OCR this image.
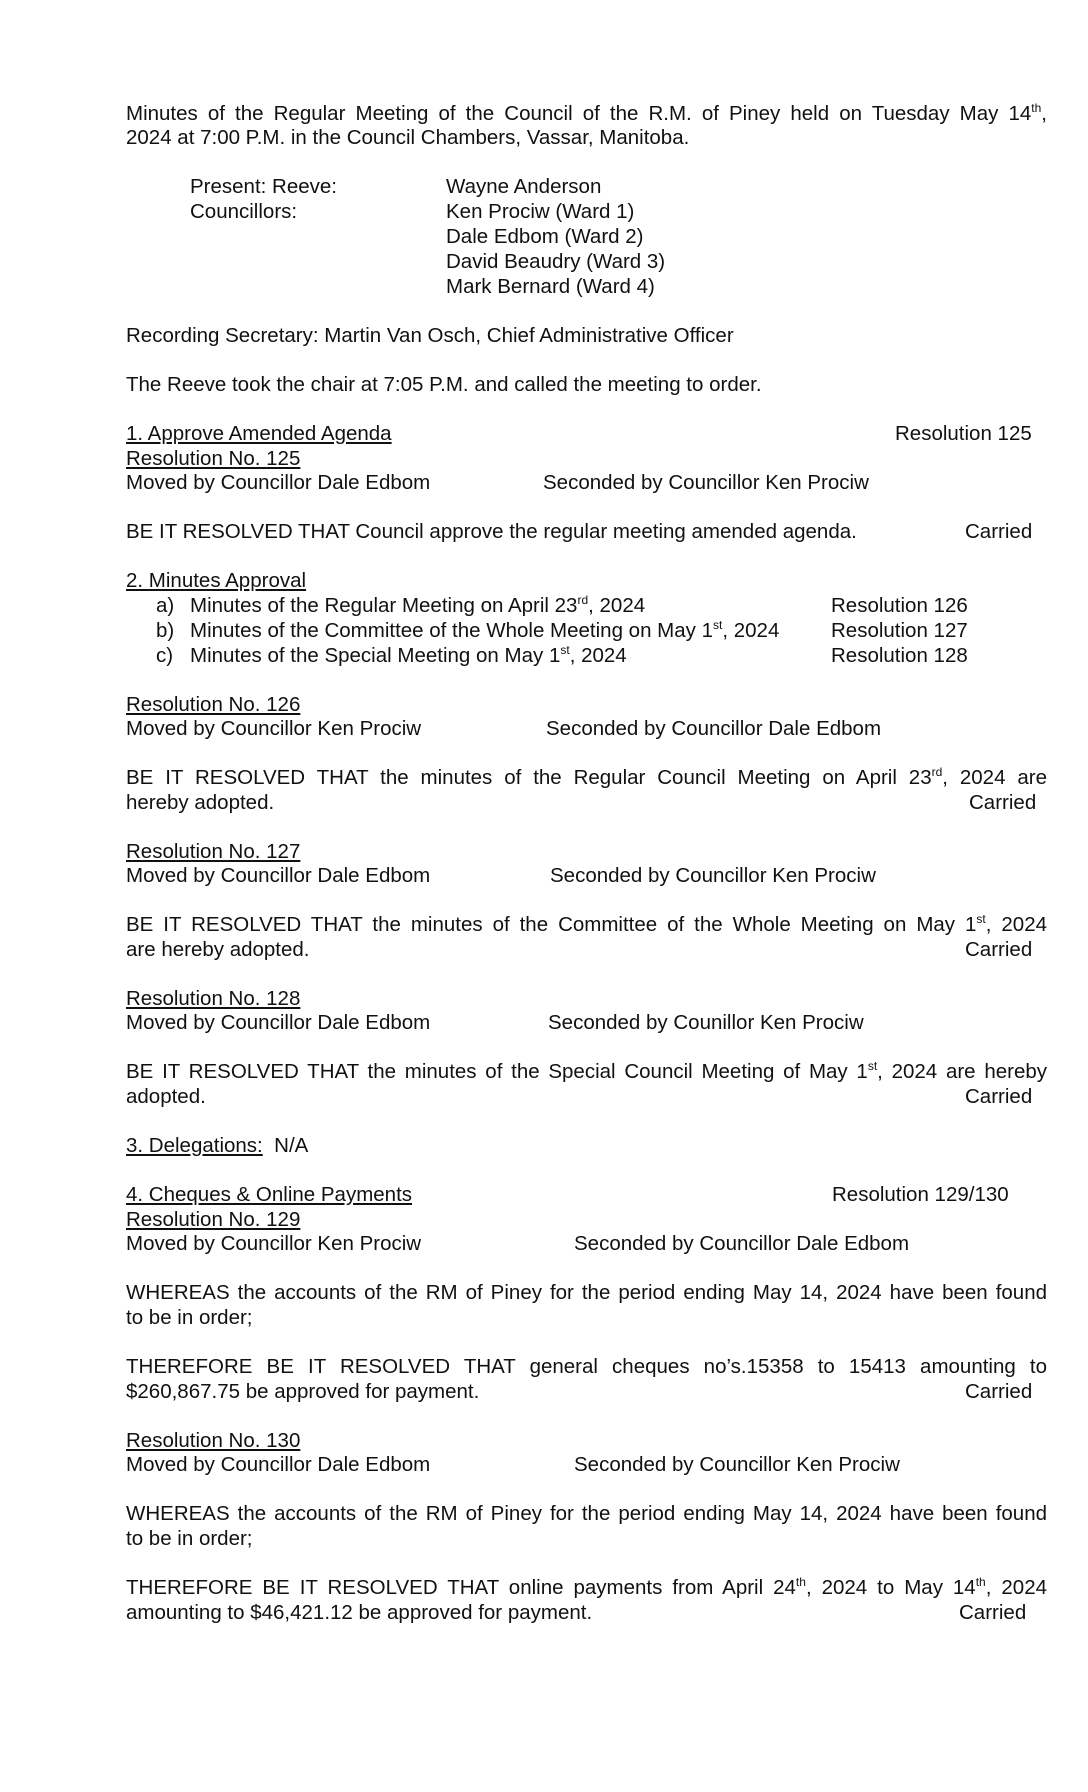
Minutes of the Regular Meeting of the Council of the R.M. of Piney held on Tuesday May 14th,
2024 at 7:00 P.M. in the Council Chambers, Vassar, Manitoba.
Present: Reeve:	Wayne Anderson
Councillors:	Ken Prociw (Ward 1)
Dale Edbom (Ward 2)
David Beaudry (Ward 3)
Mark Bernard (Ward 4)
Recording Secretary: Martin Van Osch, Chief Administrative Officer
The Reeve took the chair at 7:05 P.M. and called the meeting to order.
1. Approve Amended Agenda	Resolution 125
Resolution No. 125
Moved by Councillor Dale Edbom	Seconded by Councillor Ken Prociw
BE IT RESOLVED THAT Council approve the regular meeting amended agenda.	Carried
2. Minutes Approval
a) Minutes of the Regular Meeting on April 23rd, 2024	Resolution 126
b) Minutes of the Committee of the Whole Meeting on May 1st, 2024	Resolution 127
c) Minutes of the Special Meeting on May 1st, 2024	Resolution 128
Resolution No. 126
Moved by Councillor Ken Prociw	Seconded by Councillor Dale Edbom
BE IT RESOLVED THAT the minutes of the Regular Council Meeting on April 23rd, 2024 are
hereby adopted.	Carried
Resolution No. 127
Moved by Councillor Dale Edbom	Seconded by Councillor Ken Prociw
BE IT RESOLVED THAT the minutes of the Committee of the Whole Meeting on May 1st, 2024
are hereby adopted.	Carried
Resolution No. 128
Moved by Councillor Dale Edbom	Seconded by Counillor Ken Prociw
BE IT RESOLVED THAT the minutes of the Special Council Meeting of May 1st, 2024 are hereby
adopted.	Carried
3. Delegations: N/A
4. Cheques & Online Payments	Resolution 129/130
Resolution No. 129
Moved by Councillor Ken Prociw	Seconded by Councillor Dale Edbom
WHEREAS the accounts of the RM of Piney for the period ending May 14, 2024 have been found
to be in order;
THEREFORE BE IT RESOLVED THAT general cheques no’s.15358 to 15413 amounting to
$260,867.75 be approved for payment.	Carried
Resolution No. 130
Moved by Councillor Dale Edbom	Seconded by Councillor Ken Prociw
WHEREAS the accounts of the RM of Piney for the period ending May 14, 2024 have been found
to be in order;
THEREFORE BE IT RESOLVED THAT online payments from April 24th, 2024 to May 14th, 2024
amounting to $46,421.12 be approved for payment.	Carried
